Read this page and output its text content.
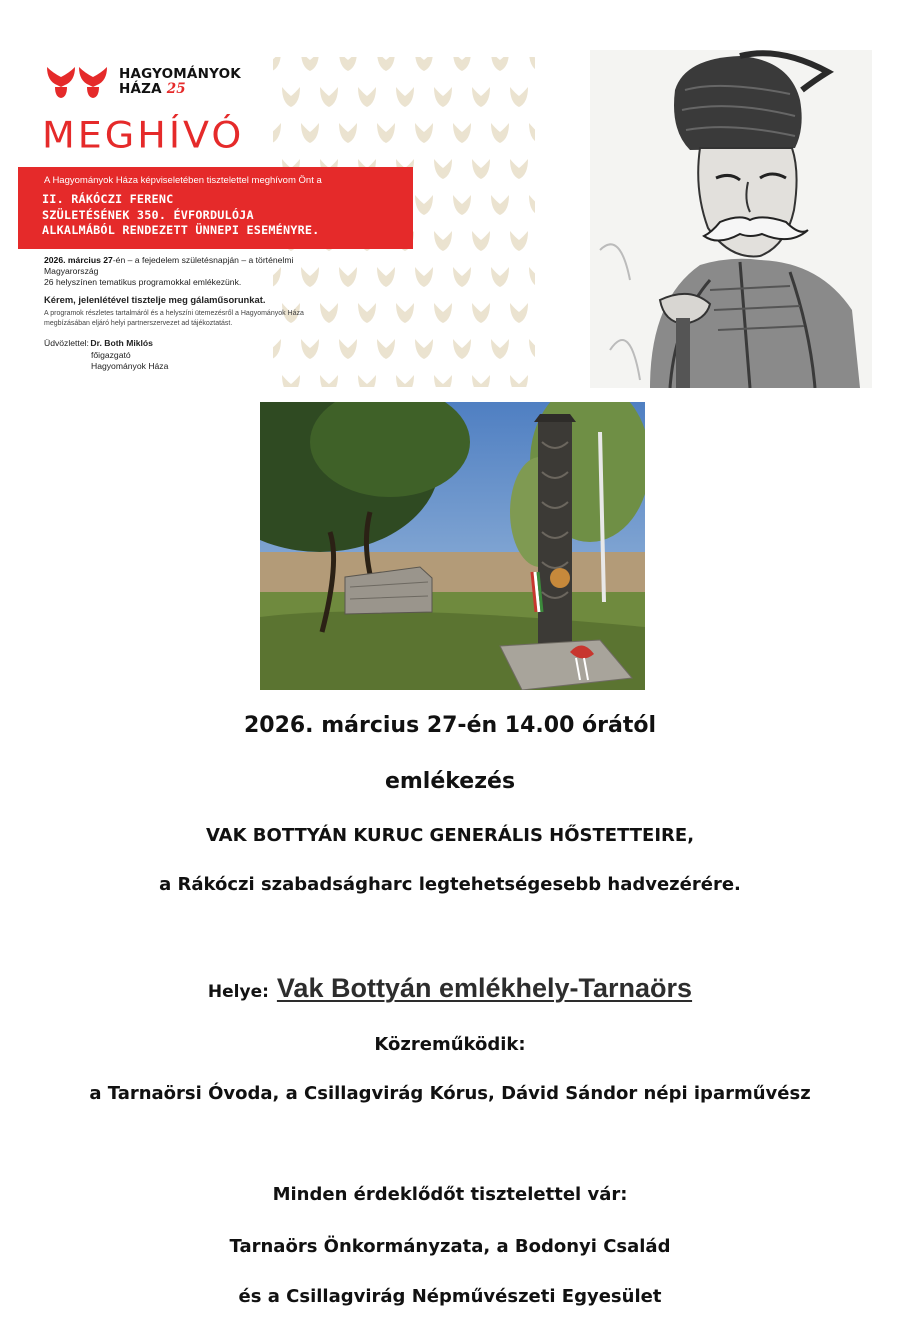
HAGYOMÁNYOK
HÁZA 25
MEGHÍVÓ
A Hagyományok Háza képviseletében tisztelettel meghívom Önt a
II. RÁKÓCZI FERENC
SZÜLETÉSÉNEK 350. ÉVFORDULÓJA
ALKALMÁBÓL RENDEZETT ÜNNEPI ESEMÉNYRE.
2026. március 27-én – a fejedelem születésnapján – a történelmi Magyarország
26 helyszínen tematikus programokkal emlékezünk.
Kérem, jelenlétével tisztelje meg gálaműsorunkat.
A programok részletes tartalmáról és a helyszíni ütemezésről a Hagyományok Háza
megbízásában eljáró helyi partnerszervezet ad tájékoztatást.
Üdvözlettel: Dr. Both Miklós
főigazgató
Hagyományok Háza
2026. március 27-én 14.00 órától
emlékezés
VAK BOTTYÁN KURUC GENERÁLIS HŐSTETTEIRE,
a Rákóczi szabadságharc legtehetségesebb hadvezérére.
Helye: Vak Bottyán emlékhely-Tarnaörs
Közreműködik:
a Tarnaörsi Óvoda, a Csillagvirág Kórus, Dávid Sándor népi iparművész
Minden érdeklődőt tisztelettel vár:
Tarnaörs Önkormányzata, a Bodonyi Család
és a Csillagvirág Népművészeti Egyesület
